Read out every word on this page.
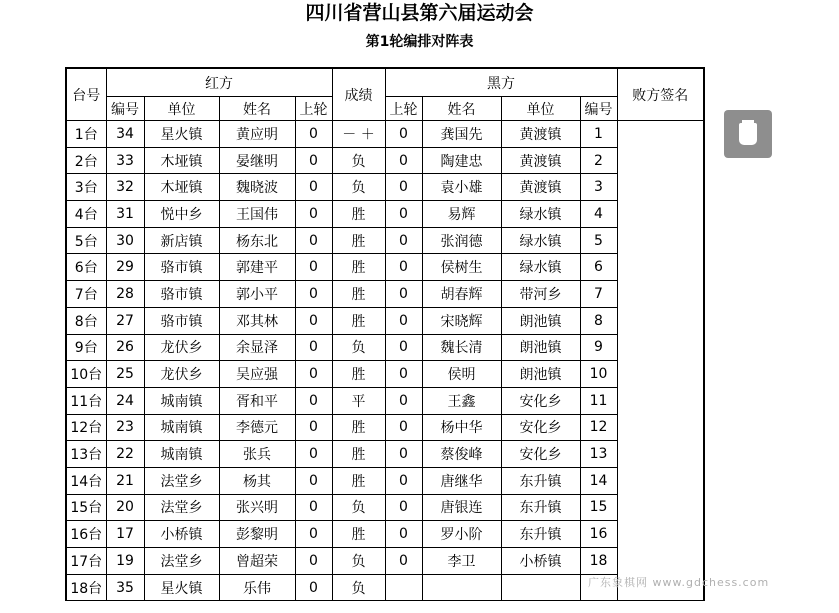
四川省营山县第六届运动会
第1轮编排对阵表
台号	红方				成绩	黑方				败方签名
	编号	单位	姓名	上轮		上轮	姓名	单位	编号	
1台	34	星火镇	黄应明	0	－ ＋	0	龚国先	黄渡镇	1	
2台	33	木垭镇	晏继明	0	负	0	陶建忠	黄渡镇	2	
3台	32	木垭镇	魏晓波	0	负	0	袁小雄	黄渡镇	3	
4台	31	悦中乡	王国伟	0	胜	0	易辉	绿水镇	4	
5台	30	新店镇	杨东北	0	胜	0	张润德	绿水镇	5	
6台	29	骆市镇	郭建平	0	胜	0	侯树生	绿水镇	6	
7台	28	骆市镇	郭小平	0	胜	0	胡春辉	带河乡	7	
8台	27	骆市镇	邓其林	0	胜	0	宋晓辉	朗池镇	8	
9台	26	龙伏乡	余显泽	0	负	0	魏长清	朗池镇	9	
10台	25	龙伏乡	吴应强	0	胜	0	侯明	朗池镇	10	
11台	24	城南镇	胥和平	0	平	0	王鑫	安化乡	11	
12台	23	城南镇	李德元	0	胜	0	杨中华	安化乡	12	
13台	22	城南镇	张兵	0	胜	0	蔡俊峰	安化乡	13	
14台	21	法堂乡	杨其	0	胜	0	唐继华	东升镇	14	
15台	20	法堂乡	张兴明	0	负	0	唐银连	东升镇	15	
16台	17	小桥镇	彭黎明	0	胜	0	罗小阶	东升镇	16	
17台	19	法堂乡	曾超荣	0	负	0	李卫	小桥镇	18	
18台	35	星火镇	乐伟	0	负						广东象棋网 www.gdchess.com
